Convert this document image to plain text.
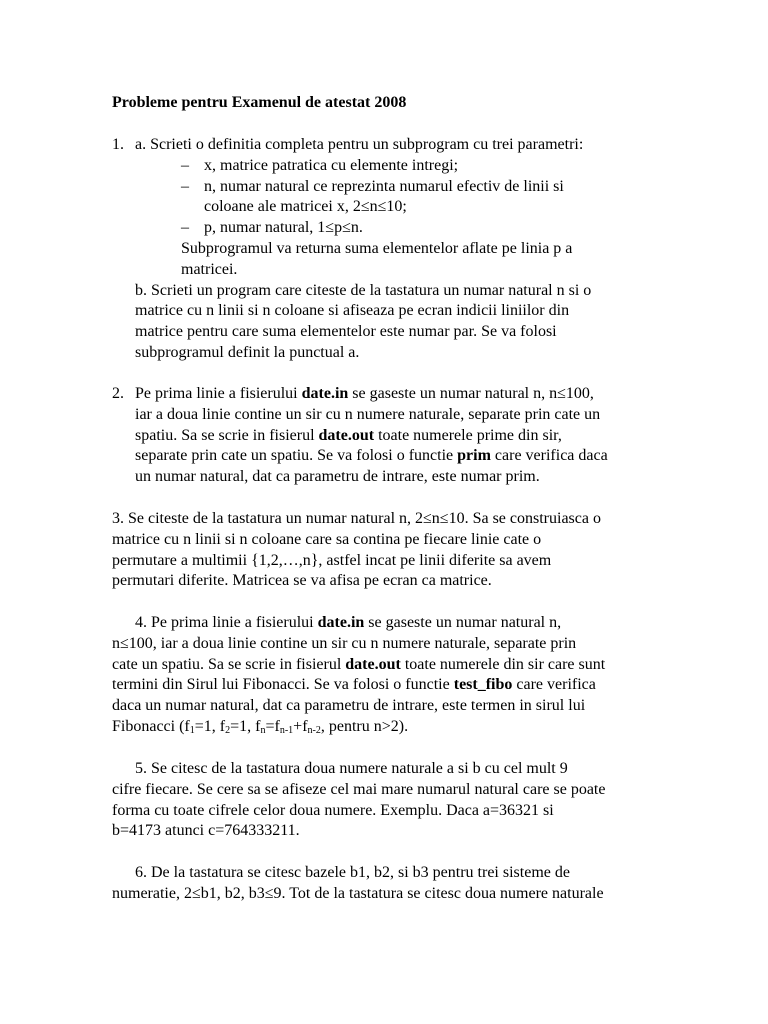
Probleme pentru Examenul de atestat 2008
1. a. Scrieti o definitia completa pentru un subprogram cu trei parametri:
– x, matrice patratica cu elemente intregi;
– n, numar natural ce reprezinta numarul efectiv de linii si
coloane ale matricei x, 2≤n≤10;
– p, numar natural, 1≤p≤n.
Subprogramul va returna suma elementelor aflate pe linia p a
matricei.
b. Scrieti un program care citeste de la tastatura un numar natural n si o
matrice cu n linii si n coloane si afiseaza pe ecran indicii liniilor din
matrice pentru care suma elementelor este numar par. Se va folosi
subprogramul definit la punctual a.
2. Pe prima linie a fisierului date.in se gaseste un numar natural n, n≤100,
iar a doua linie contine un sir cu n numere naturale, separate prin cate un
spatiu. Sa se scrie in fisierul date.out toate numerele prime din sir,
separate prin cate un spatiu. Se va folosi o functie prim care verifica daca
un numar natural, dat ca parametru de intrare, este numar prim.
3. Se citeste de la tastatura un numar natural n, 2≤n≤10. Sa se construiasca o
matrice cu n linii si n coloane care sa contina pe fiecare linie cate o
permutare a multimii {1,2,…,n}, astfel incat pe linii diferite sa avem
permutari diferite. Matricea se va afisa pe ecran ca matrice.
4. Pe prima linie a fisierului date.in se gaseste un numar natural n,
n≤100, iar a doua linie contine un sir cu n numere naturale, separate prin
cate un spatiu. Sa se scrie in fisierul date.out toate numerele din sir care sunt
termini din Sirul lui Fibonacci. Se va folosi o functie test_fibo care verifica
daca un numar natural, dat ca parametru de intrare, este termen in sirul lui
Fibonacci ($f_1=1$, $f_2=1$, $f_n=f_{n-1}+f_{n-2}$, pentru n>2).
5. Se citesc de la tastatura doua numere naturale a si b cu cel mult 9
cifre fiecare. Se cere sa se afiseze cel mai mare numarul natural care se poate
forma cu toate cifrele celor doua numere. Exemplu. Daca a=36321 si
b=4173 atunci c=764333211.
6. De la tastatura se citesc bazele b1, b2, si b3 pentru trei sisteme de
numeratie, 2≤b1, b2, b3≤9. Tot de la tastatura se citesc doua numere naturale
